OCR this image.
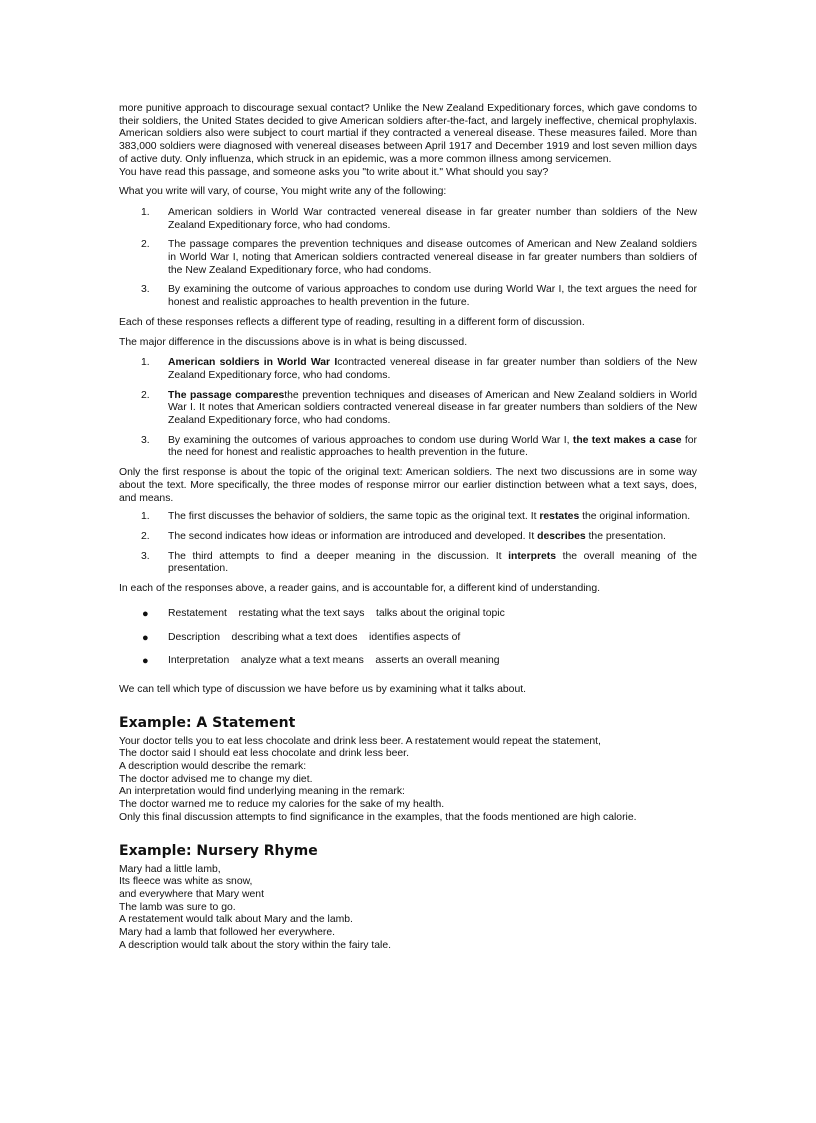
more punitive approach to discourage sexual contact? Unlike the New Zealand Expeditionary forces, which gave condoms to their soldiers, the United States decided to give American soldiers after-the-fact, and largely ineffective, chemical prophylaxis. American soldiers also were subject to court martial if they contracted a venereal disease. These measures failed. More than 383,000 soldiers were diagnosed with venereal diseases between April 1917 and December 1919 and lost seven million days of active duty. Only influenza, which struck in an epidemic, was a more common illness among servicemen.

You have read this passage, and someone asks you "to write about it." What should you say?

What you write will vary, of course, You might write any of the following:

1. American soldiers in World War contracted venereal disease in far greater number than soldiers of the New Zealand Expeditionary force, who had condoms.
2. The passage compares the prevention techniques and disease outcomes of American and New Zealand soldiers in World War I, noting that American soldiers contracted venereal disease in far greater numbers than soldiers of the New Zealand Expeditionary force, who had condoms.
3. By examining the outcome of various approaches to condom use during World War I, the text argues the need for honest and realistic approaches to health prevention in the future.

Each of these responses reflects a different type of reading, resulting in a different form of discussion.

The major difference in the discussions above is in what is being discussed.

1. American soldiers in World War Icontracted venereal disease in far greater number than soldiers of the New Zealand Expeditionary force, who had condoms.
2. The passage comparesthe prevention techniques and diseases of American and New Zealand soldiers in World War I. It notes that American soldiers contracted venereal disease in far greater numbers than soldiers of the New Zealand Expeditionary force, who had condoms.
3. By examining the outcomes of various approaches to condom use during World War I, the text makes a case for the need for honest and realistic approaches to health prevention in the future.

Only the first response is about the topic of the original text: American soldiers. The next two discussions are in some way about the text. More specifically, the three modes of response mirror our earlier distinction between what a text says, does, and means.

1. The first discusses the behavior of soldiers, the same topic as the original text. It restates the original information.
2. The second indicates how ideas or information are introduced and developed. It describes the presentation.
3. The third attempts to find a deeper meaning in the discussion. It interprets the overall meaning of the presentation.

In each of the responses above, a reader gains, and is accountable for, a different kind of understanding.

● Restatement restating what the text says talks about the original topic
● Description describing what a text does identifies aspects of
● Interpretation analyze what a text means asserts an overall meaning

We can tell which type of discussion we have before us by examining what it talks about.

Example: A Statement

Your doctor tells you to eat less chocolate and drink less beer. A restatement would repeat the statement,

The doctor said I should eat less chocolate and drink less beer.

A description would describe the remark:

The doctor advised me to change my diet.

An interpretation would find underlying meaning in the remark:

The doctor warned me to reduce my calories for the sake of my health.

Only this final discussion attempts to find significance in the examples, that the foods mentioned are high calorie.

Example: Nursery Rhyme

Mary had a little lamb,

Its fleece was white as snow,

and everywhere that Mary went

The lamb was sure to go.

A restatement would talk about Mary and the lamb.

Mary had a lamb that followed her everywhere.

A description would talk about the story within the fairy tale.
